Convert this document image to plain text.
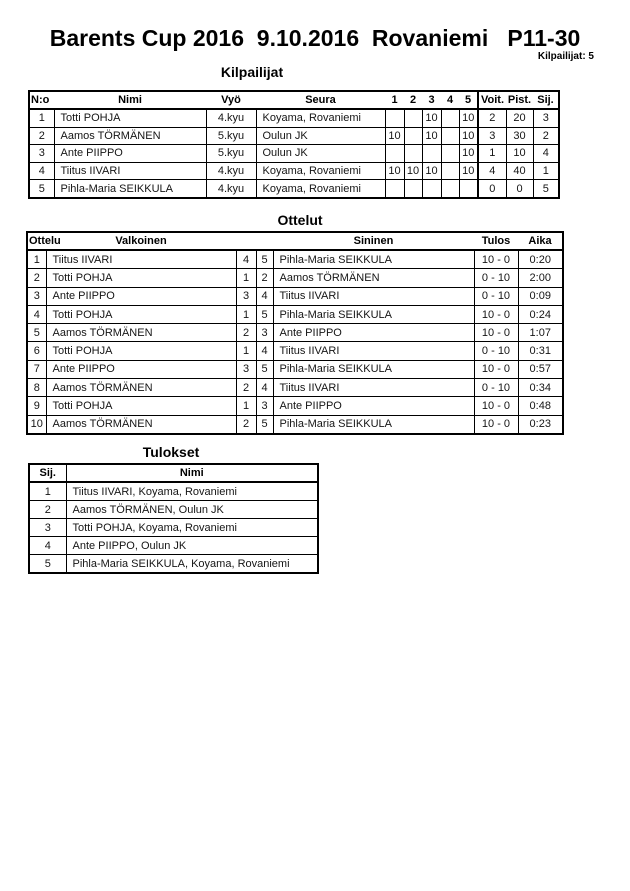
Barents Cup 2016  9.10.2016  Rovaniemi   P11-30
Kilpailijat: 5
Kilpailijat
N:o	Nimi	Vyö	Seura	1	2	3	4	5	Voit.	Pist.	Sij.
1	Totti POHJA	4.kyu	Koyama, Rovaniemi			10		10	2	20	3
2	Aamos TÖRMÄNEN	5.kyu	Oulun JK	10		10		10	3	30	2
3	Ante PIIPPO	5.kyu	Oulun JK					10	1	10	4
4	Tiitus IIVARI	4.kyu	Koyama, Rovaniemi	10	10	10		10	4	40	1
5	Pihla-Maria SEIKKULA	4.kyu	Koyama, Rovaniemi						0	0	5
Ottelut
Ottelu	Valkoinen			Sininen	Tulos	Aika
1	Tiitus IIVARI	4	5	Pihla-Maria SEIKKULA	10 - 0	0:20
2	Totti POHJA	1	2	Aamos TÖRMÄNEN	0 - 10	2:00
3	Ante PIIPPO	3	4	Tiitus IIVARI	0 - 10	0:09
4	Totti POHJA	1	5	Pihla-Maria SEIKKULA	10 - 0	0:24
5	Aamos TÖRMÄNEN	2	3	Ante PIIPPO	10 - 0	1:07
6	Totti POHJA	1	4	Tiitus IIVARI	0 - 10	0:31
7	Ante PIIPPO	3	5	Pihla-Maria SEIKKULA	10 - 0	0:57
8	Aamos TÖRMÄNEN	2	4	Tiitus IIVARI	0 - 10	0:34
9	Totti POHJA	1	3	Ante PIIPPO	10 - 0	0:48
10	Aamos TÖRMÄNEN	2	5	Pihla-Maria SEIKKULA	10 - 0	0:23
Tulokset
Sij.	Nimi
1	Tiitus IIVARI, Koyama, Rovaniemi
2	Aamos TÖRMÄNEN, Oulun JK
3	Totti POHJA, Koyama, Rovaniemi
4	Ante PIIPPO, Oulun JK
5	Pihla-Maria SEIKKULA, Koyama, Rovaniemi
